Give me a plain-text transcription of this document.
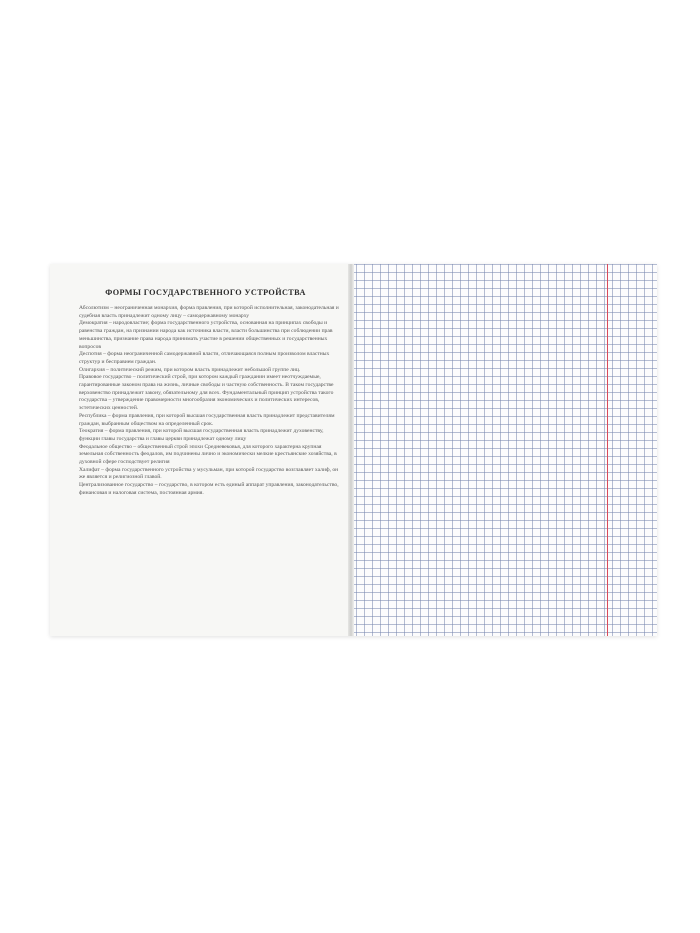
ФОРМЫ ГОСУДАРСТВЕННОГО УСТРОЙСТВА
Абсолютизм – неограниченная монархия, форма правления, при которой исполнительная, законодательная и судебная власть принадлежит одному лицу – самодержавному монарху
Демократия – народовластие; форма государственного устройства, основанная на принципах свободы и равенства граждан, на признании народа как источника власти, власти большинства при соблюдении прав меньшинства, признание права народа принимать участие в решении общественных и государственных вопросов
Деспотия – форма неограниченной самодержавной власти, отличающаяся полным произволом властных структур и бесправием граждан.
Олигархия – политический режим, при котором власть принадлежит небольшой группе лиц.
Правовое государство – политический строй, при котором каждый гражданин имеет неотчуждаемые, гарантированные законом права на жизнь, личные свободы и частную собственность. В таком государстве верховенство принадлежит закону, обязательному для всех. Фундаментальный принцип устройства такого государства – утверждение правомерности многообразия экономических и политических интересов, эстетических ценностей.
Республика – форма правления, при которой высшая государственная власть принадлежит представителям граждан, выбранным обществом на определенный срок.
Теократия – форма правления, при которой высшая государственная власть принадлежит духовенству, функции главы государства и главы церкви принадлежат одному лицу
Феодальное общество – общественный строй эпохи Средневековья, для которого характерна крупная земельная собственность феодалов, им подчинены лично и экономически мелкие крестьянские хозяйства, в духовной сфере господствует религия
Халифат – форма государственного устройства у мусульман, при которой государство возглавляет халиф, он же является и религиозной главой.
Централизованное государство – государство, в котором есть единый аппарат управления, законодательство, финансовая и налоговая система, постоянная армия.
